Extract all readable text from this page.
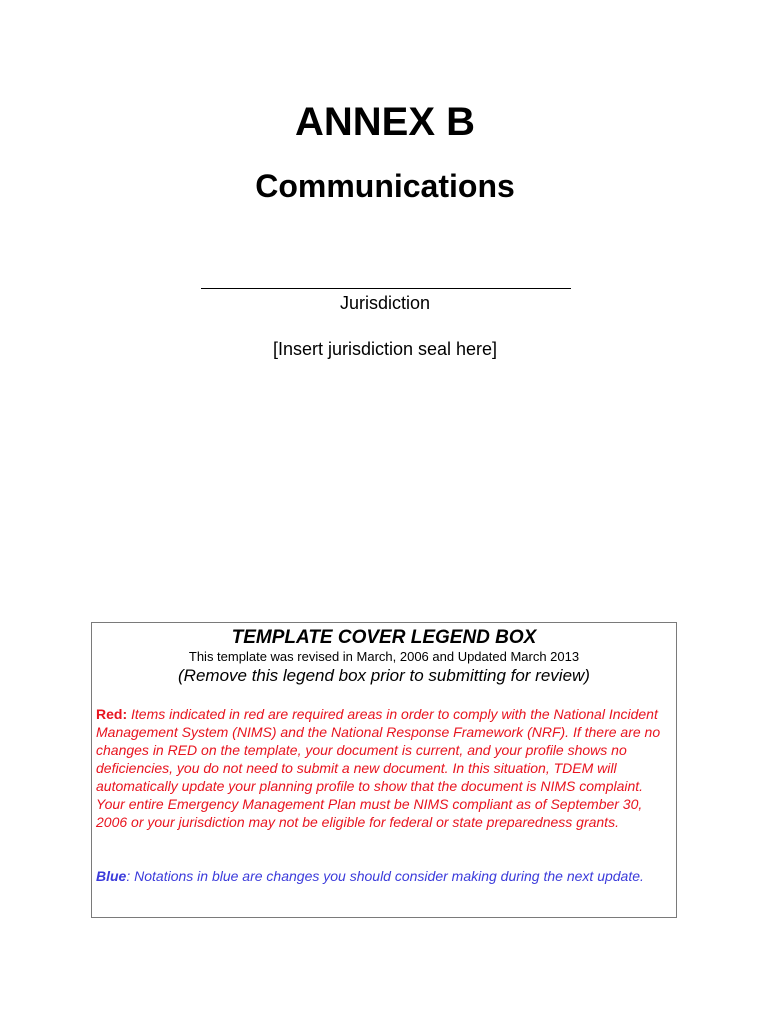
ANNEX B
Communications
Jurisdiction
[Insert jurisdiction seal here]
TEMPLATE COVER LEGEND BOX
This template was revised in March, 2006 and Updated March 2013
(Remove this legend box prior to submitting for review)

Red: Items indicated in red are required areas in order to comply with the National Incident Management System (NIMS) and the National Response Framework (NRF). If there are no changes in RED on the template, your document is current, and your profile shows no deficiencies, you do not need to submit a new document. In this situation, TDEM will automatically update your planning profile to show that the document is NIMS complaint. Your entire Emergency Management Plan must be NIMS compliant as of September 30, 2006 or your jurisdiction may not be eligible for federal or state preparedness grants.

Blue: Notations in blue are changes you should consider making during the next update.
